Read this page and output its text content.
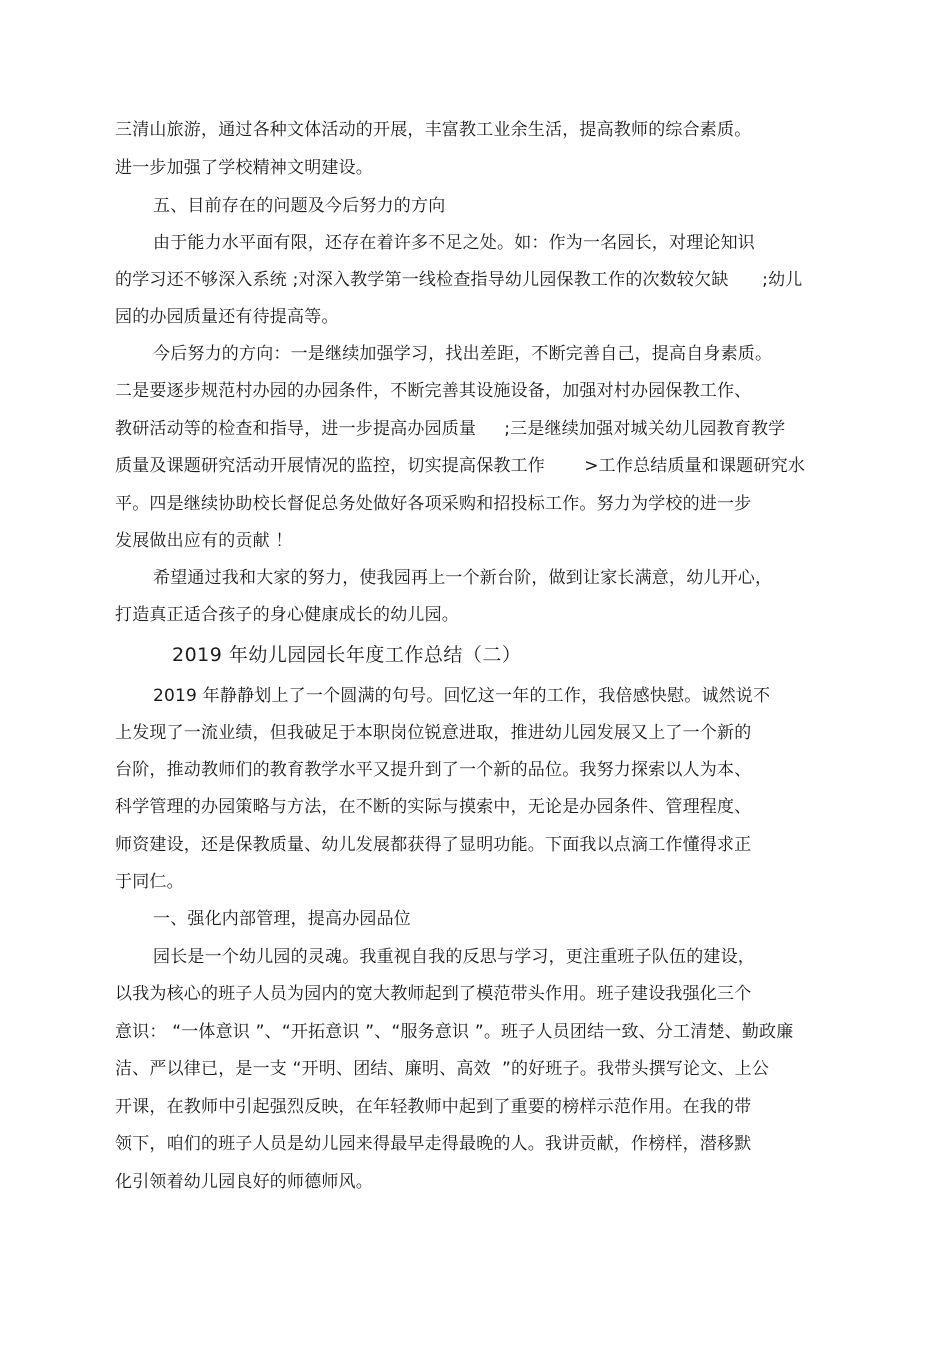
三清山旅游，通过各种文体活动的开展，丰富教工业余生活，提高教师的综合素质。
进一步加强了学校精神文明建设。
五、目前存在的问题及今后努力的方向
由于能力水平面有限，还存在着许多不足之处。如：作为一名园长，对理论知识
的学习还不够深入系统 ;对深入教学第一线检查指导幼儿园保教工作的次数较欠缺      ;幼儿
园的办园质量还有待提高等。
今后努力的方向：一是继续加强学习，找出差距，不断完善自己，提高自身素质。
二是要逐步规范村办园的办园条件，不断完善其设施设备，加强对村办园保教工作、
教研活动等的检查和指导，进一步提高办园质量     ;三是继续加强对城关幼儿园教育教学
质量及课题研究活动开展情况的监控，切实提高保教工作       >工作总结质量和课题研究水
平。四是继续协助校长督促总务处做好各项采购和招投标工作。努力为学校的进一步
发展做出应有的贡献 ！
希望通过我和大家的努力，使我园再上一个新台阶，做到让家长满意，幼儿开心，
打造真正适合孩子的身心健康成长的幼儿园。
2019 年幼儿园园长年度工作总结（二）
2019 年静静划上了一个圆满的句号。回忆这一年的工作，我倍感快慰。诚然说不
上发现了一流业绩，但我破足于本职岗位锐意进取，推进幼儿园发展又上了一个新的
台阶，推动教师们的教育教学水平又提升到了一个新的品位。我努力探索以人为本、
科学管理的办园策略与方法，在不断的实际与摸索中，无论是办园条件、管理程度、
师资建设，还是保教质量、幼儿发展都获得了显明功能。下面我以点滴工作懂得求正
于同仁。
一、强化内部管理，提高办园品位
园长是一个幼儿园的灵魂。我重视自我的反思与学习，更注重班子队伍的建设，
以我为核心的班子人员为园内的宽大教师起到了模范带头作用。班子建设我强化三个
意识： “一体意识 ”、“开拓意识 ”、“服务意识 ”。班子人员团结一致、分工清楚、勤政廉
洁、严以律已，是一支 “开明、团结、廉明、高效  ”的好班子。我带头撰写论文、上公
开课，在教师中引起强烈反映，在年轻教师中起到了重要的榜样示范作用。在我的带
领下，咱们的班子人员是幼儿园来得最早走得最晚的人。我讲贡献，作榜样，潜移默
化引领着幼儿园良好的师德师风。
